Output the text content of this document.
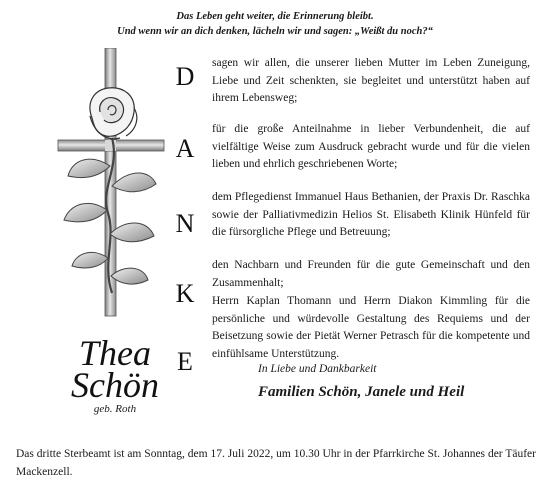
Das Leben geht weiter, die Erinnerung bleibt.
Und wenn wir an dich denken, lächeln wir und sagen: „Weißt du noch?“
D
A
N
K
E

sagen wir allen, die unserer lieben Mutter im Leben Zuneigung, Liebe und Zeit schenkten, sie begleitet und unterstützt haben auf ihrem Lebensweg;

für die große Anteilnahme in lieber Verbundenheit, die auf vielfältige Weise zum Ausdruck gebracht wurde und für die vielen lieben und ehrlich geschriebenen Worte;

dem Pflegedienst Immanuel Haus Bethanien, der Praxis Dr. Raschka sowie der Palliativmedizin Helios St. Elisabeth Klinik Hünfeld für die fürsorgliche Pflege und Betreuung;

den Nachbarn und Freunden für die gute Gemeinschaft und den Zusammenhalt;

Herrn Kaplan Thomann und Herrn Diakon Kimmling für die persönliche und würdevolle Gestaltung des Requiems und der Beisetzung sowie der Pietät Werner Petrasch für die kompetente und einfühlsame Unterstützung.

Thea
Schön
geb. Roth
In Liebe und Dankbarkeit
Familien Schön, Janele und Heil

Das dritte Sterbeamt ist am Sonntag, dem 17. Juli 2022, um 10.30 Uhr in der Pfarrkirche St. Johannes der Täufer Mackenzell.
